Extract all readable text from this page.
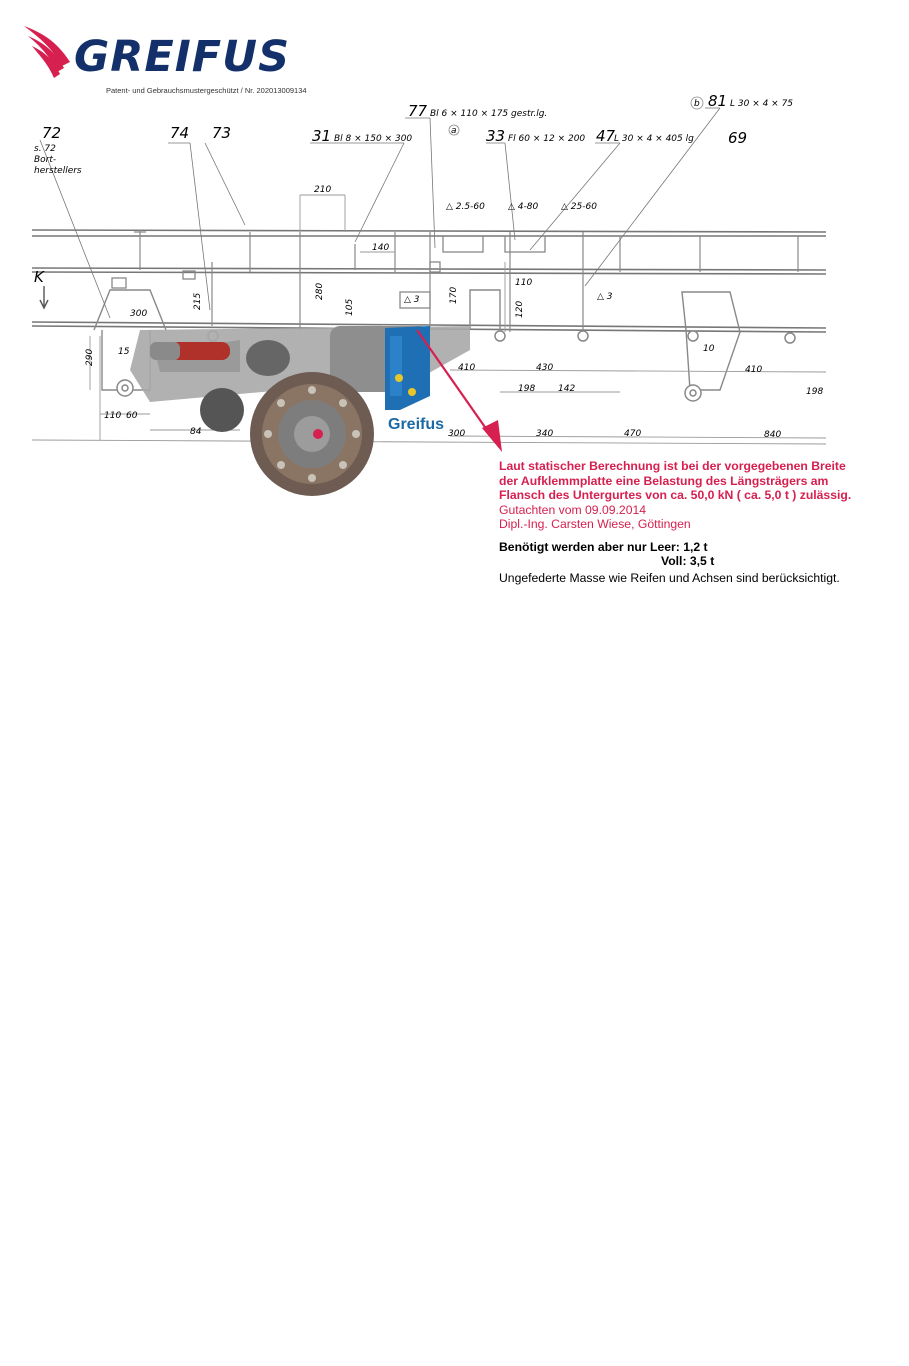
GREIFUS
Patent- und Gebrauchsmustergeschützt / Nr. 202013009134
72
s. 72
Bort-
herstellers
74 73	31 Bl 8 × 150 × 300
77 Bl 6 × 110 × 175 gestr.lg.
a 33 Fl 60 × 12 × 200 47
L 30 × 4 × 405 lg
b 81 L 30 × 4 × 75
69
△ 2.5-60	△ 4-80	△ 25-60
△ 3	△ 3
210
140
280
105
170
110
120
215
300
290	15
110 60
84
410	430
198	142
300	340	470	840
410
198
10
K
Greifus
Laut statischer Berechnung ist bei der vorgegebenen Breite
der Aufklemmplatte eine Belastung des Längsträgers am
Flansch des Untergurtes von ca. 50,0 kN ( ca. 5,0 t ) zulässig.
Gutachten vom 09.09.2014
Dipl.-Ing. Carsten Wiese, Göttingen
Benötigt werden aber nur Leer: 1,2 t
Voll: 3,5 t
Ungefederte Masse wie Reifen und Achsen sind berücksichtigt.
